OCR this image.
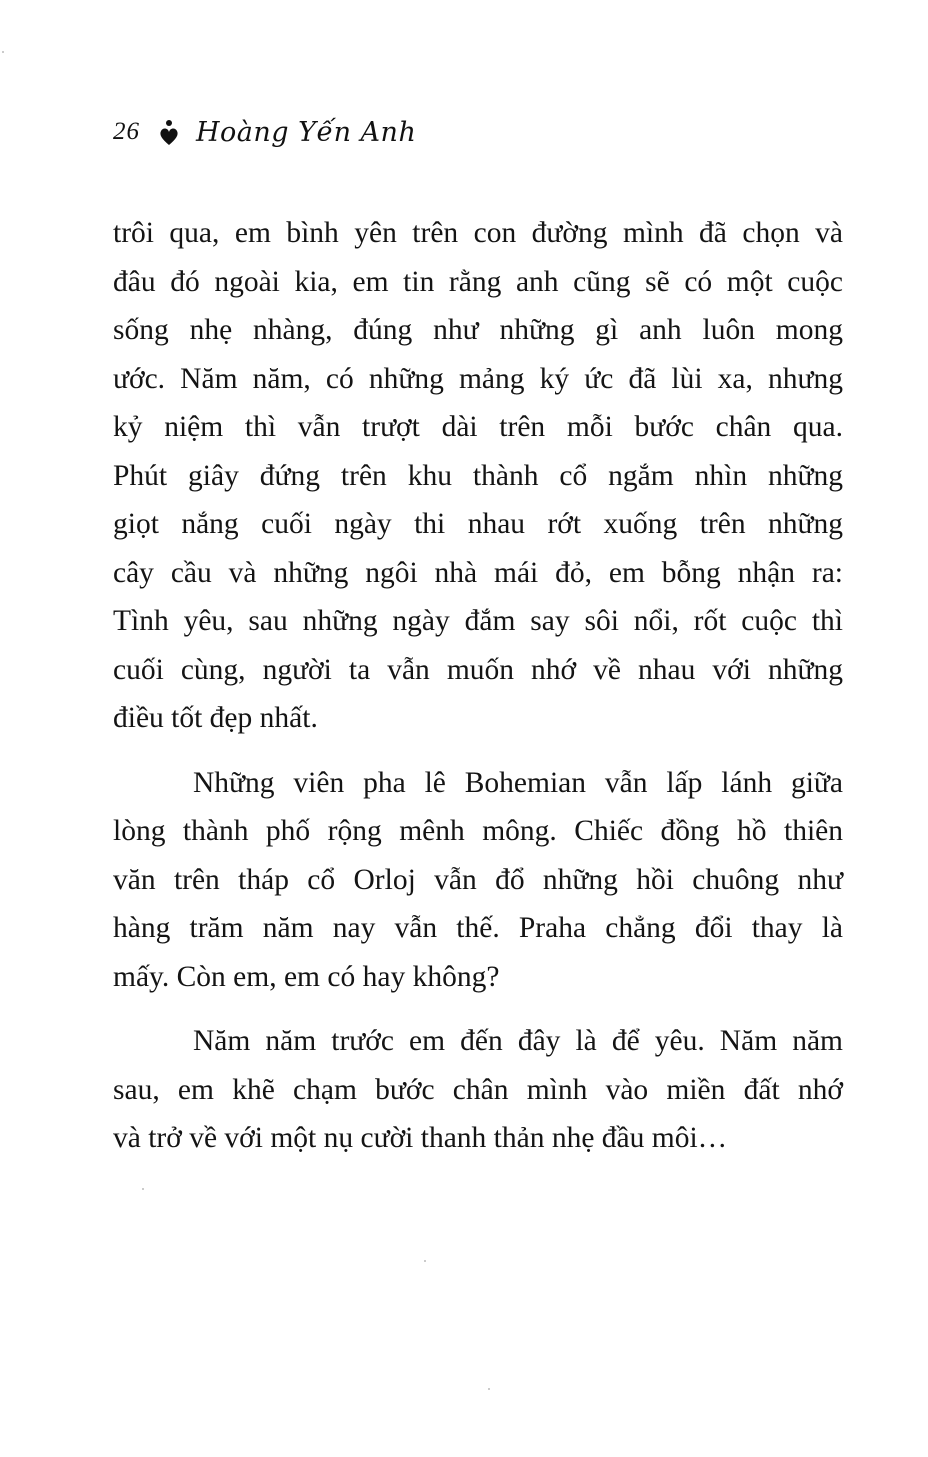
26 Hoàng Yến Anh

trôi qua, em bình yên trên con đường mình đã chọn và
đâu đó ngoài kia, em tin rằng anh cũng sẽ có một cuộc
sống nhẹ nhàng, đúng như những gì anh luôn mong
ước. Năm năm, có những mảng ký ức đã lùi xa, nhưng
kỷ niệm thì vẫn trượt dài trên mỗi bước chân qua.
Phút giây đứng trên khu thành cổ ngắm nhìn những
giọt nắng cuối ngày thi nhau rớt xuống trên những
cây cầu và những ngôi nhà mái đỏ, em bỗng nhận ra:
Tình yêu, sau những ngày đắm say sôi nổi, rốt cuộc thì
cuối cùng, người ta vẫn muốn nhớ về nhau với những
điều tốt đẹp nhất.

Những viên pha lê Bohemian vẫn lấp lánh giữa
lòng thành phố rộng mênh mông. Chiếc đồng hồ thiên
văn trên tháp cổ Orloj vẫn đổ những hồi chuông như
hàng trăm năm nay vẫn thế. Praha chẳng đổi thay là
mấy. Còn em, em có hay không?

Năm năm trước em đến đây là để yêu. Năm năm
sau, em khẽ chạm bước chân mình vào miền đất nhớ
và trở về với một nụ cười thanh thản nhẹ đầu môi…
